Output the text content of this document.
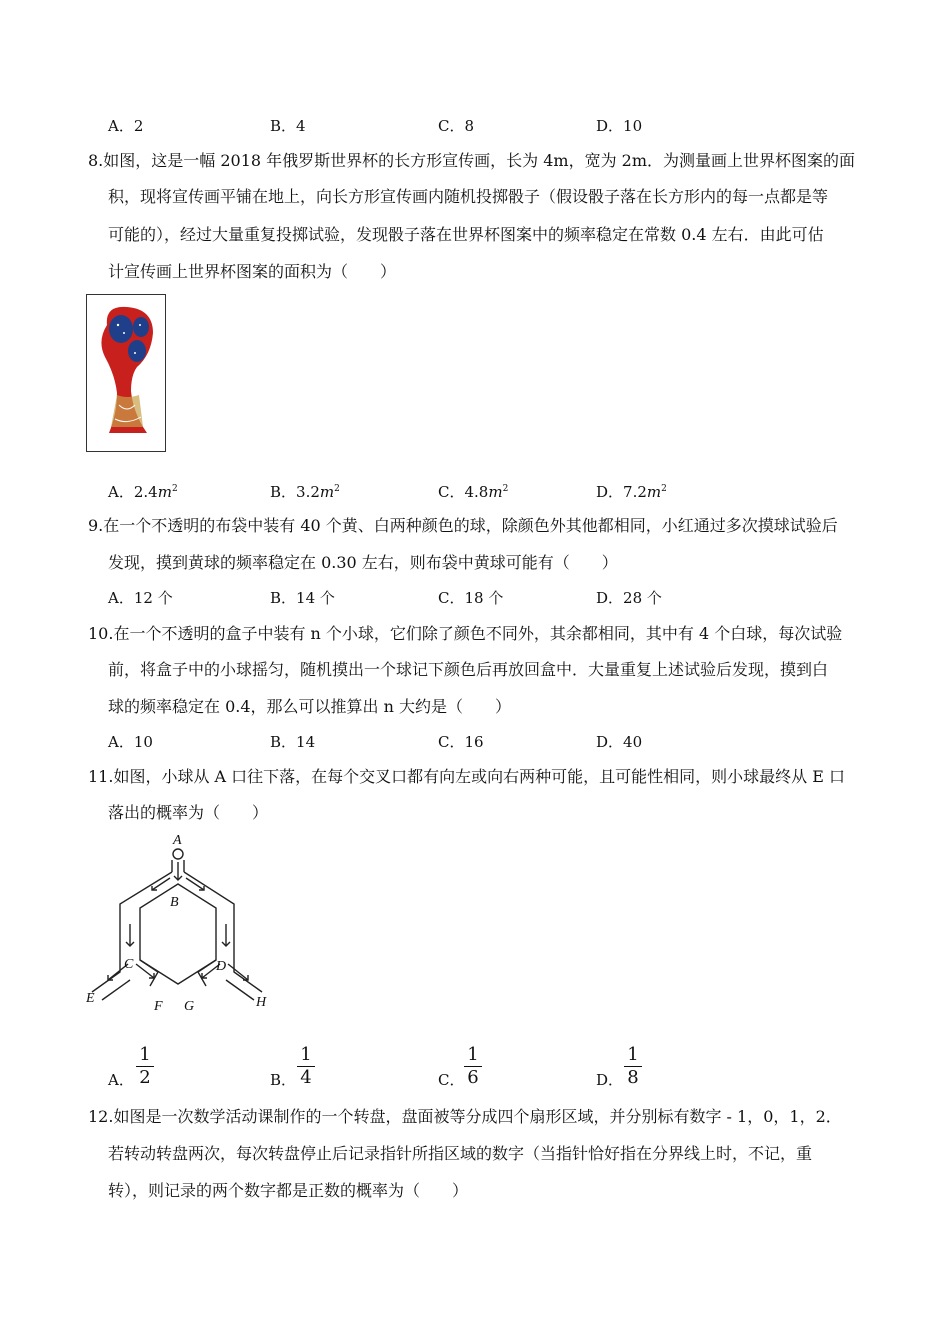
A．2	B．4	C．8	D．10
8.如图，这是一幅 2018 年俄罗斯世界杯的长方形宣传画，长为 4m，宽为 2m．为测量画上世界杯图案的面
积，现将宣传画平铺在地上，向长方形宣传画内随机投掷骰子（假设骰子落在长方形内的每一点都是等
可能的），经过大量重复投掷试验，发现骰子落在世界杯图案中的频率稳定在常数 0.4 左右．由此可估
计宣传画上世界杯图案的面积为（　　）
A．$2.4m^2$	B．$3.2m^2$	C．$4.8m^2$	D．$7.2m^2$
9.在一个不透明的布袋中装有 40 个黄、白两种颜色的球，除颜色外其他都相同，小红通过多次摸球试验后
发现，摸到黄球的频率稳定在 0.30 左右，则布袋中黄球可能有（　　）
A．12 个	B．14 个	C．18 个	D．28 个
10.在一个不透明的盒子中装有 n 个小球，它们除了颜色不同外，其余都相同，其中有 4 个白球，每次试验
前，将盒子中的小球摇匀，随机摸出一个球记下颜色后再放回盒中．大量重复上述试验后发现，摸到白
球的频率稳定在 0.4，那么可以推算出 n 大约是（　　）
A．10	B．14	C．16	D．40
11.如图，小球从 A 口往下落，在每个交叉口都有向左或向右两种可能，且可能性相同，则小球最终从 E 口
落出的概率为（　　）
A
B
C	D
E
F G	H
A．
1
2	B．
1
4	C．
1
6	D．
1
8
12.如图是一次数学活动课制作的一个转盘，盘面被等分成四个扇形区域，并分别标有数字 - 1，0，1，2．
若转动转盘两次，每次转盘停止后记录指针所指区域的数字（当指针恰好指在分界线上时，不记，重
转），则记录的两个数字都是正数的概率为（　　）
